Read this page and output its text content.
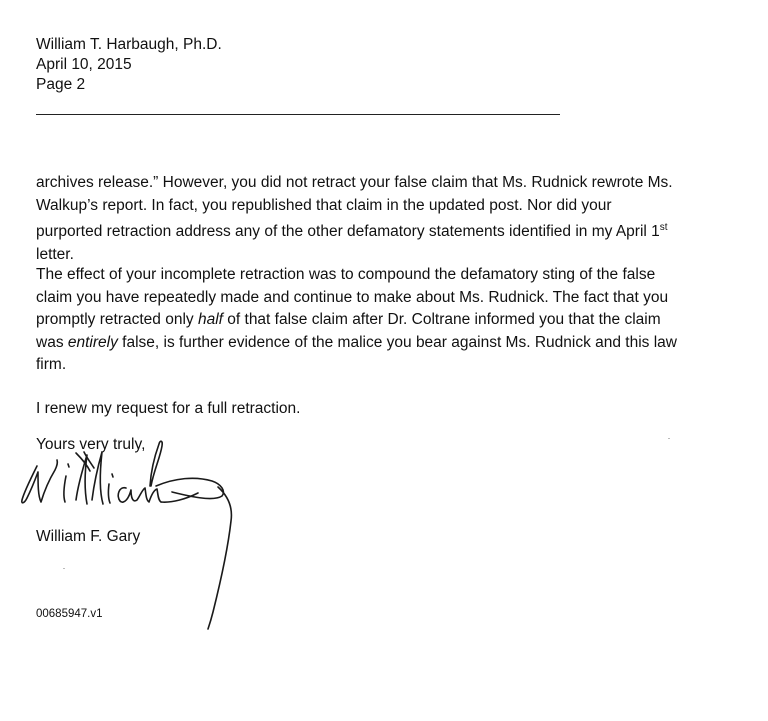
William T. Harbaugh, Ph.D.
April 10, 2015
Page 2

archives release.” However, you did not retract your false claim that Ms. Rudnick rewrote Ms.
Walkup’s report. In fact, you republished that claim in the updated post. Nor did your
purported retraction address any of the other defamatory statements identified in my April 1st
letter.

The effect of your incomplete retraction was to compound the defamatory sting of the false
claim you have repeatedly made and continue to make about Ms. Rudnick. The fact that you
promptly retracted only half of that false claim after Dr. Coltrane informed you that the claim
was entirely false, is further evidence of the malice you bear against Ms. Rudnick and this law
firm.

I renew my request for a full retraction.

Yours very truly,
William F. Gary
00685947.v1
